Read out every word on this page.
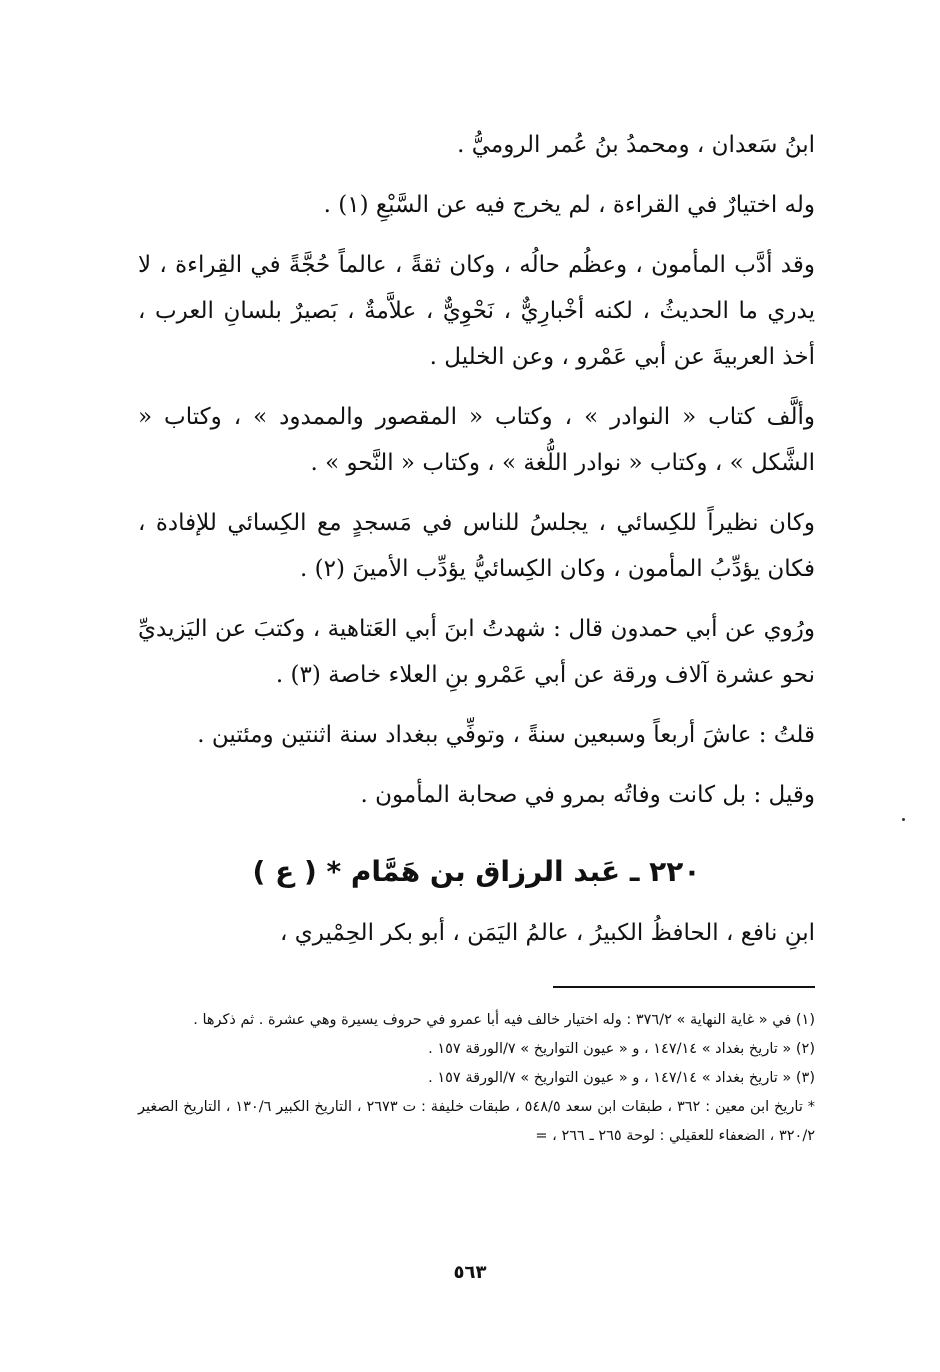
ابنُ سَعدان ، ومحمدُ بنُ عُمر الروميُّ .

وله اختيارٌ في القراءة ، لم يخرج فيه عن السَّبْعِ (١) .

وقد أدَّب المأمون ، وعظُم حالُه ، وكان ثقةً ، عالماً حُجَّةً في القِراءة ، لا يدري ما الحديثُ ، لكنه أخْبارِيٌّ ، نَحْوِيٌّ ، علاَّمةٌ ، بَصيرٌ بلسانِ العرب ، أخذ العربيةَ عن أبي عَمْرو ، وعن الخليل .

وألَّف كتاب « النوادر » ، وكتاب « المقصور والممدود » ، وكتاب « الشَّكل » ، وكتاب « نوادر اللُّغة » ، وكتاب « النَّحو » .

وكان نظيراً للكِسائي ، يجلسُ للناس في مَسجدٍ مع الكِسائي للإفادة ، فكان يؤدِّبُ المأمون ، وكان الكِسائيُّ يؤدِّب الأمينَ (٢) .

ورُوي عن أبي حمدون قال : شهدتُ ابنَ أبي العَتاهية ، وكتبَ عن اليَزيديِّ نحو عشرة آلاف ورقة عن أبي عَمْرو بنِ العلاء خاصة (٣) .

قلتُ : عاشَ أربعاً وسبعين سنةً ، وتوفِّي ببغداد سنة اثنتين ومئتين .

وقيل : بل كانت وفاتُه بمرو في صحابة المأمون .

٢٢٠ ـ عَبد الرزاق بن هَمَّام * ( ع )

ابنِ نافع ، الحافظُ الكبيرُ ، عالمُ اليَمَن ، أبو بكر الحِمْيري ،

(١) في « غاية النهاية » ٣٧٦/٢ : وله اختيار خالف فيه أبا عمرو في حروف يسيرة وهي عشرة . ثم ذكرها .

(٢) « تاريخ بغداد » ١٤٧/١٤ ، و « عيون التواريخ » ٧/الورقة ١٥٧ .

(٣) « تاريخ بغداد » ١٤٧/١٤ ، و « عيون التواريخ » ٧/الورقة ١٥٧ .

* تاريخ ابن معين : ٣٦٢ ، طبقات ابن سعد ٥٤٨/٥ ، طبقات خليفة : ت ٢٦٧٣ ، التاريخ الكبير ١٣٠/٦ ، التاريخ الصغير ٣٢٠/٢ ، الضعفاء للعقيلي : لوحة ٢٦٥ ـ ٢٦٦ ، =

٥٦٣
